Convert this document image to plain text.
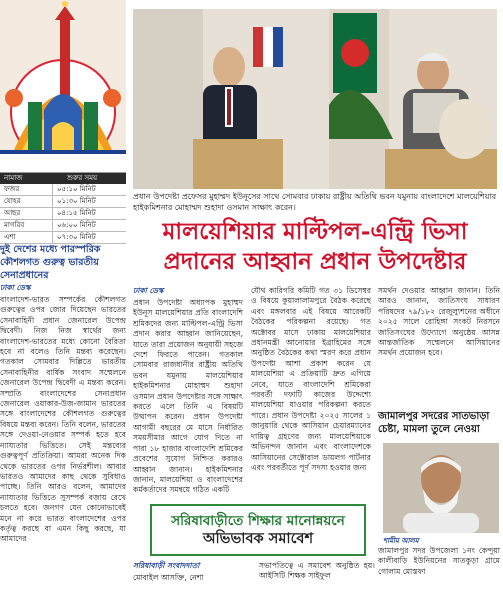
নামাজ	শুরুর সময়
ফজর	০৫:১০ মিনিট
যোহর	০১:৩০ মিনিট
আছর	০৪:১৫ মিনিট
মাগরিব	০৬:০০ মিনিট
এশা	০৭:৩০ মিনিট
প্রধান উপদেষ্টা প্রফেসর মুহাম্মদ ইউনূসের সাথে সোমবার ঢাকায় রাষ্ট্রীয় অতিথি ভবন যমুনায় বাংলাদেশে মালয়েশিয়ার হাইকমিশনার মোহাম্মদ শুহাদা ওসমান সাক্ষাৎ করেন।
মালয়েশিয়ার মাল্টিপল-এন্ট্রি ভিসা
প্রদানের আহ্বান প্রধান উপদেষ্টার
দুই দেশের মধ্যে পারস্পরিক কৌশলগত গুরুত্ব ভারতীয় সেনাপ্রধানের
ঢাকা ডেস্ক
বাংলাদেশ-ভারত সম্পর্কের কৌশলগত গুরুত্বের ওপর জোর দিয়েছেন ভারতের সেনাবাহিনী প্রধান জেনারেল উপেন্দ্র দ্বিবেদী। নিজ নিজ স্বার্থের জন্য বাংলাদেশ-ভারতের মধ্যে কোনো বৈরিতা হবে না বলেও তিনি মন্তব্য করেছেন। গতকাল সোমবার দিল্লিতে ভারতীয় সেনাবাহিনীর বার্ষিক সংবাদ সম্মেলনে জেনারেল উপেন্দ্র দ্বিবেদী এ মন্তব্য করেন। সম্প্রতি বাংলাদেশের সেনাপ্রধান জেনারেল ওয়াকার-উজ-জামান ভারতের সঙ্গে বাংলাদেশের কৌশলগত গুরুত্বের বিষয়ে মন্তব্য করেন। তিনি বলেন, ভারতের সঙ্গে দেওয়া-নেওয়ার সম্পর্ক হতে হবে ন্যায্যতার ভিত্তিতে। সেই মন্তব্যের গুরুত্বপূর্ণ প্রতিক্রিয়া। আমরা অনেক দিক থেকে ভারতের ওপর নির্ভরশীল। আবার ভারতও আমাদের কাছ থেকে সুবিধাও পাচ্ছে। তিনি আরও বলেন, আমাদের ন্যায্যতার ভিত্তিতে সুসম্পর্ক বজায় রেখে চলতে হবে। জনগণ যেন কোনোভাবেই মনে না করে ভারত বাংলাদেশের ওপর কর্তৃত্ব করছে বা এমন কিছু করছে, যা আমাদের
ঢাকা ডেস্ক
প্রধান উপদেষ্টা অধ্যাপক মুহাম্মদ ইউনূস মালয়েশিয়ার প্রতি বাংলাদেশি শ্রমিকদের জন্য মাল্টিপল-এন্ট্রি ভিসা প্রদান করার আহ্বান জানিয়েছেন, যাতে তারা প্রয়োজন অনুযায়ী সহজে দেশে ফিরতে পারেন। গতকাল সোমবার রাজধানীর রাষ্ট্রীয় অতিথি ভবন যমুনায় মালয়েশিয়ার হাইকমিশনার মোহাম্মদ শুহাদা ওসমান প্রধান উপদেষ্টার সঙ্গে সাক্ষাৎ করতে এলে তিনি এ বিষয়টি উত্থাপন করেন। প্রধান উপদেষ্টা আগামী বছরের মে মাসে নির্ধারিত সময়সীমার আগে যোগ দিতে না পারা ১৮ হাজার বাংলাদেশি শ্রমিকের প্রবেশের সুযোগ নিশ্চিত করারও আহ্বান জানান। হাইকমিশনার জানান, মালয়েশিয়া ও বাংলাদেশের কর্মকর্তাদের সমন্বয়ে গঠিত একটি
যৌথ কারিগরি কমিটি গত ৩১ ডিসেম্বর ও বিষয়ে কুয়ালালামপুরে বৈঠক করেছে এবং মঙ্গলবার এই বিষয়ে আরেকটি বৈঠকের পরিকল্পনা রয়েছে। গত অক্টোবর মাসে ঢাকায় মালয়েশিয়ার প্রধানমন্ত্রী আনোয়ার ইব্রাহিমের সঙ্গে অনুষ্ঠিত বৈঠকের কথা স্মরণ করে প্রধান উপদেষ্টা আশা প্রকাশ করেন যে মালয়েশিয়া এ প্রক্রিয়াটি দ্রুত এগিয়ে নেবে, যাতে বাংলাদেশি শ্রমিকেরা পরবর্তী দফাটি কাজের উদ্দেশ্যে মালয়েশিয়া যাওয়ার পরিকল্পনা করতে পারে। প্রধান উপদেষ্টা ২০২৫ সালের ১ জানুয়ারি থেকে আসিয়ান চেয়ারম্যানের দায়িত্ব গ্রহণের জন্য মালয়েশিয়াকে অভিনন্দন জানান এবং বাংলাদেশকে আসিয়ানের সেক্টোরাল ডায়লগ পার্টনার এবং পরবর্তীতে পূর্ণ সদস্য হওয়ার জন্য
সমর্থন দেওয়ার আহ্বান জানান। তিনি আরও জানান, জাতিসংঘ সাধারণ পরিষদের ৭৯/১৮২ রেজুল্যুশনের অধীনে ২০২৫ সালে রোহিঙ্গা সংকট নিরসনে জাতিসংঘের উদ্যোগে অনুষ্ঠেয় আসন্ন আন্তর্জাতিক সম্মেলনে আসিয়ানের সমর্থন প্রয়োজন হবে।
জামালপুর সদরের সাতভাড়া চেষ্টা, মামলা তুলে নেওয়া
শামীম আলম
জামালপুর সদর উপজেলা ১নং কেন্দুয়া কালীবাড়ি ইউনিয়নের সাতকুড়া গ্রামে গোলাম মোস্তফা
সরিষাবাড়ীতে শিক্ষার মানোন্নয়নে
অভিভাবক সমাবেশ
সরিষাবাড়ী সংবাদদাতা
মোবাইল আসক্তি, নেশা
সভাপতিত্বে এ সমাবেশ অনুষ্ঠিত হয়। আইসিটি শিক্ষক সাইফুল
